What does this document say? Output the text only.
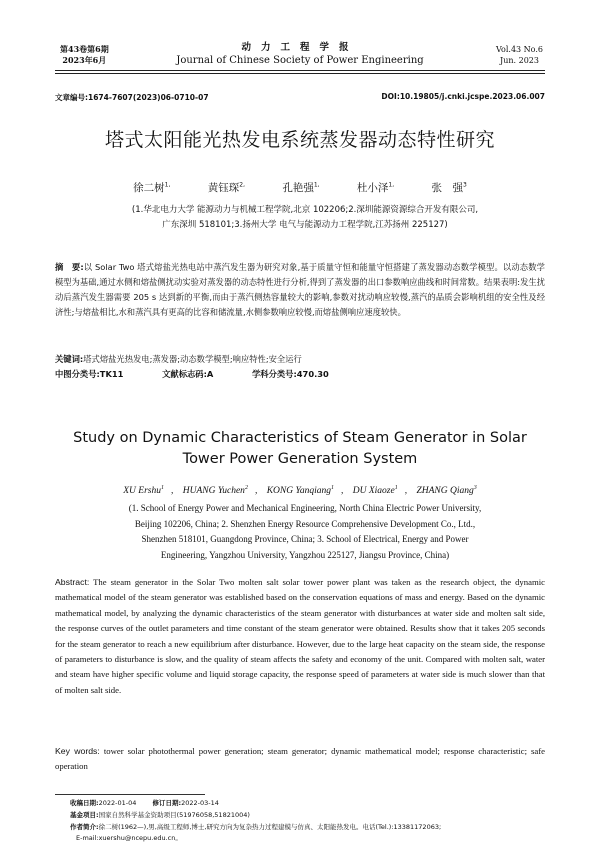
第43卷第6期
2023年6月
动力工程学报
Journal of Chinese Society of Power Engineering
Vol.43 No.6
Jun. 2023
文章编号:1674-7607(2023)06-0710-07	DOI:10.19805/j.cnki.jcspe.2023.06.007
塔式太阳能光热发电系统蒸发器动态特性研究
徐二树$^{1,}$	黄钰琛$^{2,}$	孔艳强$^{1,}$	杜小泽$^{1,}$	张　强$^3$
(1.华北电力大学 能源动力与机械工程学院,北京 102206;2.深圳能源资源综合开发有限公司,
广东深圳 518101;3.扬州大学 电气与能源动力工程学院,江苏扬州 225127)
摘　要:以 Solar Two 塔式熔盐光热电站中蒸汽发生器为研究对象,基于质量守恒和能量守恒搭建了蒸发器动态数学模型。以动态数学模型为基础,通过水侧和熔盐侧扰动实验对蒸发器的动态特性进行分析,得到了蒸发器的出口参数响应曲线和时间常数。结果表明:发生扰动后蒸汽发生器需要 205 s 达到新的平衡,而由于蒸汽侧热容量较大的影响,参数对扰动响应较慢,蒸汽的品质会影响机组的安全性及经济性;与熔盐相比,水和蒸汽具有更高的比容和储流量,水侧参数响应较慢,而熔盐侧响应速度较快。
关键词:塔式熔盐光热发电;蒸发器;动态数学模型;响应特性;安全运行
中图分类号:TK11	文献标志码:A	学科分类号:470.30
Study on Dynamic Characteristics of Steam Generator in Solar
Tower Power Generation System
XU Ershu$^1$ , HUANG Yuchen$^2$ , KONG Yanqiang$^1$ , DU Xiaoze$^1$ , ZHANG Qiang$^3$
(1. School of Energy Power and Mechanical Engineering, North China Electric Power University,
Beijing 102206, China; 2. Shenzhen Energy Resource Comprehensive Development Co., Ltd.,
Shenzhen 518101, Guangdong Province, China; 3. School of Electrical, Energy and Power
Engineering, Yangzhou University, Yangzhou 225127, Jiangsu Province, China)
Abstract: The steam generator in the Solar Two molten salt solar tower power plant was taken as the research object, the dynamic mathematical model of the steam generator was established based on the conservation equations of mass and energy. Based on the dynamic mathematical model, by analyzing the dynamic characteristics of the steam generator with disturbances at water side and molten salt side, the response curves of the outlet parameters and time constant of the steam generator were obtained. Results show that it takes 205 seconds for the steam generator to reach a new equilibrium after disturbance. However, due to the large heat capacity on the steam side, the response of parameters to disturbance is slow, and the quality of steam affects the safety and economy of the unit. Compared with molten salt, water and steam have higher specific volume and liquid storage capacity, the response speed of parameters at water side is much slower than that of molten salt side.
Key words: tower solar photothermal power generation; steam generator; dynamic mathematical model; response characteristic; safe operation
收稿日期:2022-01-04 修订日期:2022-03-14
基金项目:国家自然科学基金资助项目(51976058,51821004)
作者简介:徐二树(1962—),男,高级工程师,博士,研究方向为复杂热力过程建模与仿真、太阳能热发电。电话(Tel.):13381172063;
E-mail:xuershu@ncepu.edu.cn。
